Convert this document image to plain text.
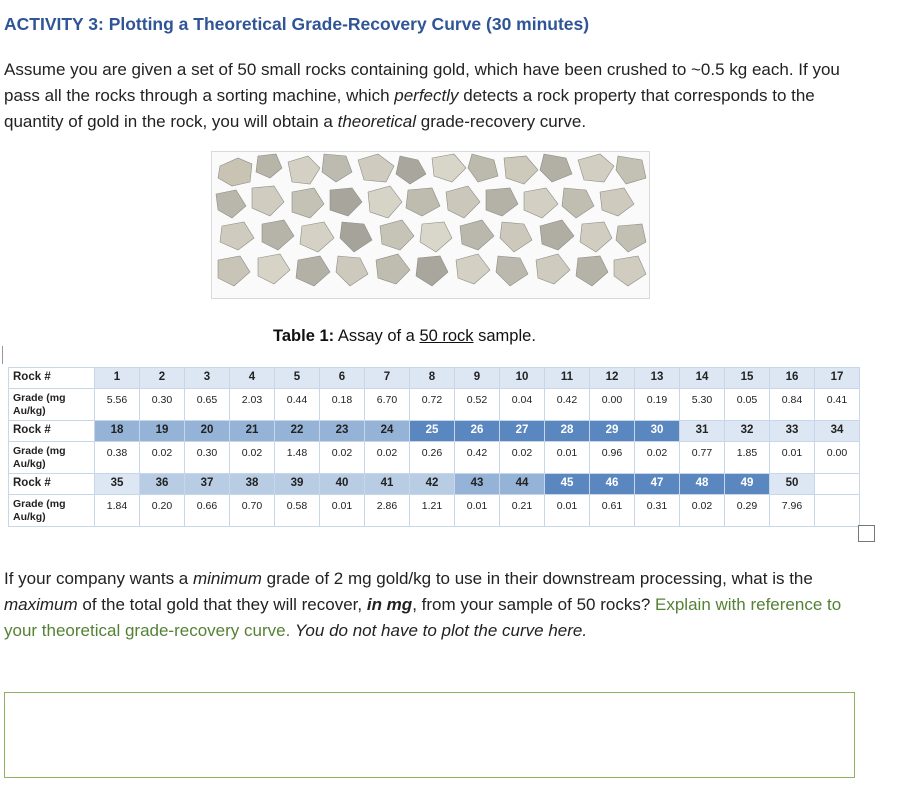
ACTIVITY 3: Plotting a Theoretical Grade-Recovery Curve (30 minutes)

Assume you are given a set of 50 small rocks containing gold, which have been crushed to ~0.5 kg each. If you pass all the rocks through a sorting machine, which perfectly detects a rock property that corresponds to the quantity of gold in the rock, you will obtain a theoretical grade-recovery curve.

Table 1: Assay of a 50 rock sample.
Rock #	1	2	3	4	5	6	7	8	9	10	11	12	13	14	15	16	17
Grade (mg Au/kg)	5.56	0.30	0.65	2.03	0.44	0.18	6.70	0.72	0.52	0.04	0.42	0.00	0.19	5.30	0.05	0.84	0.41
Rock #	18	19	20	21	22	23	24	25	26	27	28	29	30	31	32	33	34
Grade (mg Au/kg)	0.38	0.02	0.30	0.02	1.48	0.02	0.02	0.26	0.42	0.02	0.01	0.96	0.02	0.77	1.85	0.01	0.00
Rock #	35	36	37	38	39	40	41	42	43	44	45	46	47	48	49	50	
Grade (mg Au/kg)	1.84	0.20	0.66	0.70	0.58	0.01	2.86	1.21	0.01	0.21	0.01	0.61	0.31	0.02	0.29	7.96	

If your company wants a minimum grade of 2 mg gold/kg to use in their downstream processing, what is the maximum of the total gold that they will recover, in mg, from your sample of 50 rocks? Explain with reference to your theoretical grade-recovery curve. You do not have to plot the curve here.
